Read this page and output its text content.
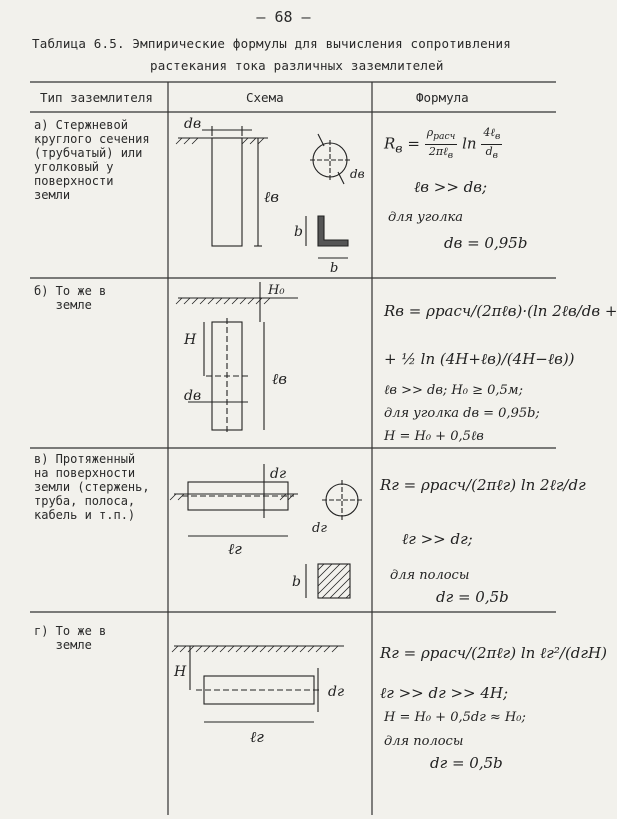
– 68 –
Таблица 6.5. Эмпирические формулы для вычисления сопротивления
растекания тока различных заземлителей
Тип заземлителя	Схема	Формула
а) Стержневой
круглого сечения
(трубчатый) или
уголковый у
поверхности
земли
б) То же в
земле
в) Протяженный
на поверхности
земли (стержень,
труба, полоса,
кабель и т.п.)
г) То же в
земле
dв
ℓв
dв
b
b
$R_в = \frac{\rho_{расч}}{2\pi\ell_в}$ $\ln \frac{4\ell_в}{d_в}$
ℓв >> dв;
для уголка
dв = 0,95b
H₀
H
dв
ℓв
Rв = ρрасч/(2πℓв)·(ln 2ℓв/dв +
+ ½ ln (4H+ℓв)/(4H−ℓв))
ℓв >> dв; H₀ ≥ 0,5м;
для уголка dв = 0,95b;
H = H₀ + 0,5ℓв
dг
ℓг
dг
b
Rг = ρрасч/(2πℓг) ln 2ℓг/dг
ℓг >> dг;
для полосы
dг = 0,5b
H
dг
ℓг
Rг = ρрасч/(2πℓг) ln ℓг²/(dгH)
ℓг >> dг >> 4H;
H = H₀ + 0,5dг ≈ H₀;
для полосы
dг = 0,5b
